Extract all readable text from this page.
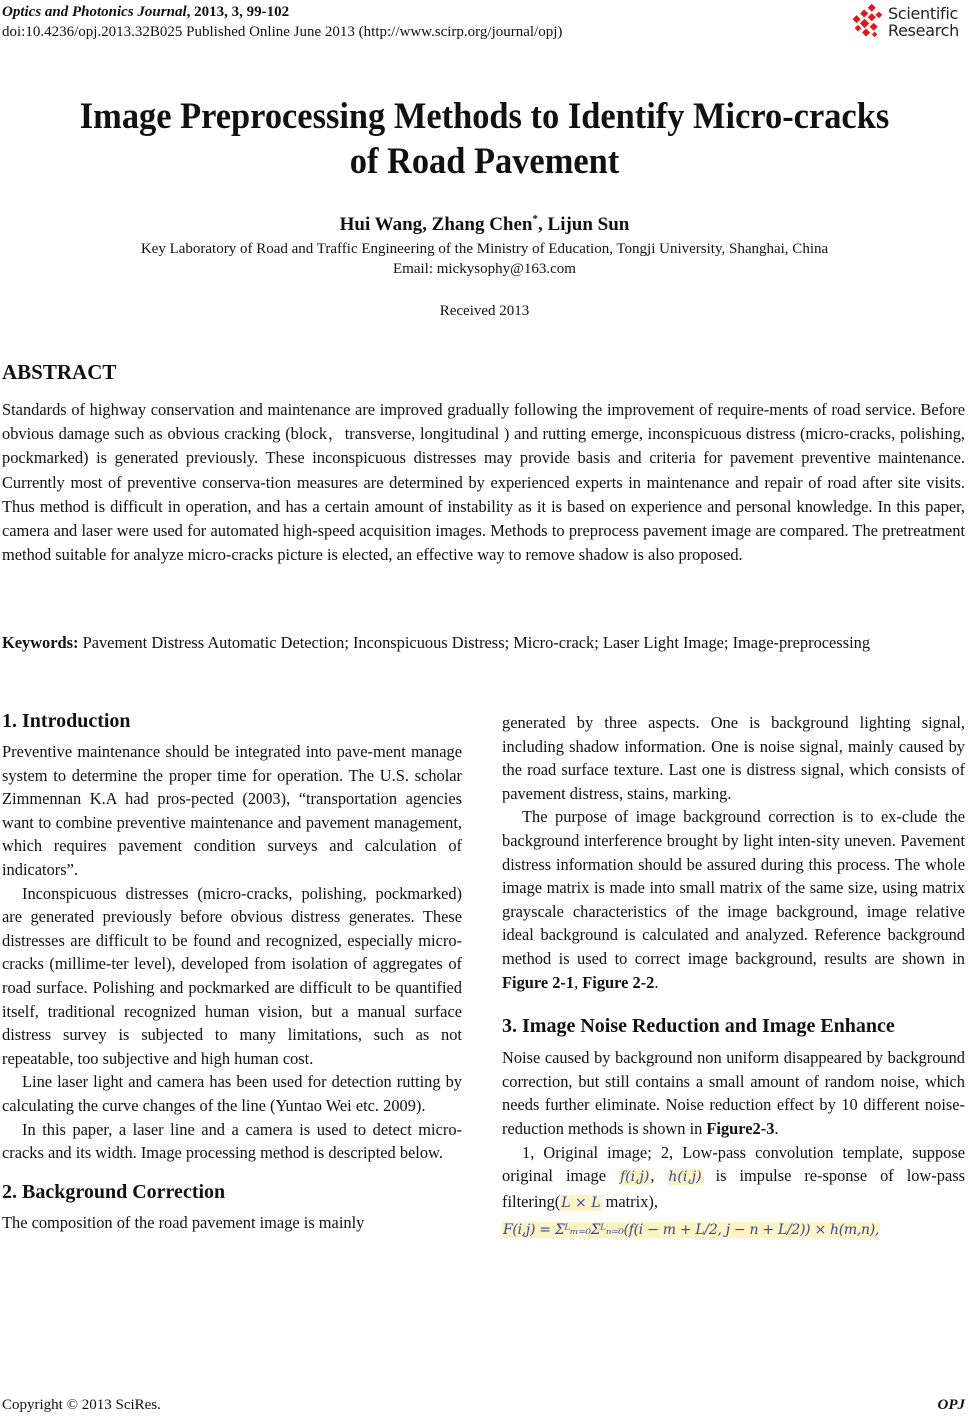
Optics and Photonics Journal, 2013, 3, 99-102
doi:10.4236/opj.2013.32B025 Published Online June 2013 (http://www.scirp.org/journal/opj)
Scientific
Research
Image Preprocessing Methods to Identify Micro-cracks
of Road Pavement
Hui Wang, Zhang Chen*, Lijun Sun
Key Laboratory of Road and Traffic Engineering of the Ministry of Education, Tongji University, Shanghai, China
Email: mickysophy@163.com
Received 2013
ABSTRACT
Standards of highway conservation and maintenance are improved gradually following the improvement of require-ments of road service. Before obvious damage such as obvious cracking (block，transverse, longitudinal ) and rutting emerge, inconspicuous distress (micro-cracks, polishing, pockmarked) is generated previously. These inconspicuous distresses may provide basis and criteria for pavement preventive maintenance. Currently most of preventive conserva-tion measures are determined by experienced experts in maintenance and repair of road after site visits. Thus method is difficult in operation, and has a certain amount of instability as it is based on experience and personal knowledge. In this paper, camera and laser were used for automated high-speed acquisition images. Methods to preprocess pavement image are compared. The pretreatment method suitable for analyze micro-cracks picture is elected, an effective way to remove shadow is also proposed.
Keywords: Pavement Distress Automatic Detection; Inconspicuous Distress; Micro-crack; Laser Light Image; Image-preprocessing
1. Introduction

Preventive maintenance should be integrated into pave-ment manage system to determine the proper time for operation. The U.S. scholar Zimmennan K.A had pros-pected (2003), “transportation agencies want to combine preventive maintenance and pavement management, which requires pavement condition surveys and calculation of indicators”.

Inconspicuous distresses (micro-cracks, polishing, pockmarked) are generated previously before obvious distress generates. These distresses are difficult to be found and recognized, especially micro-cracks (millime-ter level), developed from isolation of aggregates of road surface. Polishing and pockmarked are difficult to be quantified itself, traditional recognized human vision, but a manual surface distress survey is subjected to many limitations, such as not repeatable, too subjective and high human cost.

Line laser light and camera has been used for detection rutting by calculating the curve changes of the line (Yuntao Wei etc. 2009).

In this paper, a laser line and a camera is used to detect micro-cracks and its width. Image processing method is descripted below.

2. Background Correction

The composition of the road pavement image is mainly

generated by three aspects. One is background lighting signal, including shadow information. One is noise signal, mainly caused by the road surface texture. Last one is distress signal, which consists of pavement distress, stains, marking.

The purpose of image background correction is to ex-clude the background interference brought by light inten-sity uneven. Pavement distress information should be assured during this process. The whole image matrix is made into small matrix of the same size, using matrix grayscale characteristics of the image background, image relative ideal background is calculated and analyzed. Reference background method is used to correct image background, results are shown in Figure 2-1, Figure 2-2.

3. Image Noise Reduction and Image Enhance

Noise caused by background non uniform disappeared by background correction, but still contains a small amount of random noise, which needs further eliminate. Noise reduction effect by 10 different noise-reduction methods is shown in Figure2-3.

1, Original image; 2, Low-pass convolution template, suppose original image f(i,j), h(i,j) is impulse re-sponse of low-pass filtering(L × L matrix),

F(i,j) = Σᴸₘ₌₀Σᴸₙ₌₀(f(i − m + L/2, j − n + L/2)) × h(m,n),
Copyright © 2013 SciRes.	OPJ
